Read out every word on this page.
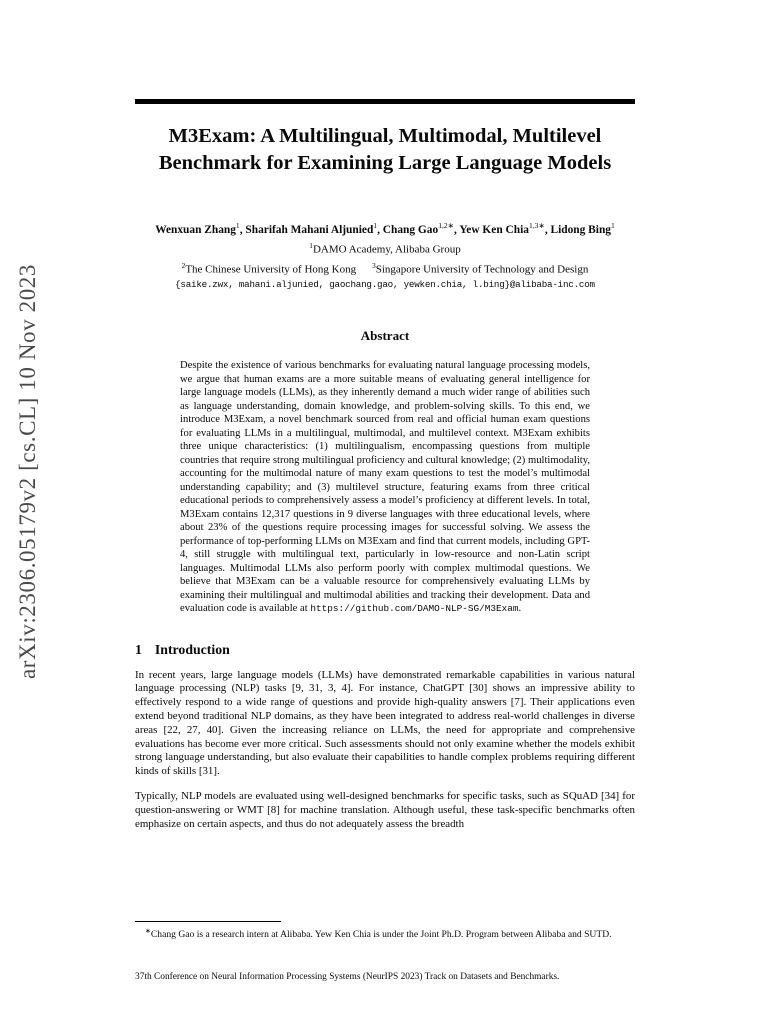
arXiv:2306.05179v2 [cs.CL] 10 Nov 2023
M3Exam: A Multilingual, Multimodal, Multilevel Benchmark for Examining Large Language Models
Wenxuan Zhang$^1$, Sharifah Mahani Aljunied$^1$, Chang Gao$^{1,2∗}$, Yew Ken Chia$^{1,3∗}$, Lidong Bing$^1$
$^1$DAMO Academy, Alibaba Group
$^2$The Chinese University of Hong Kong $^3$Singapore University of Technology and Design
{saike.zwx, mahani.aljunied, gaochang.gao, yewken.chia, l.bing}@alibaba-inc.com
Abstract

Despite the existence of various benchmarks for evaluating natural language processing models, we argue that human exams are a more suitable means of evaluating general intelligence for large language models (LLMs), as they inherently demand a much wider range of abilities such as language understanding, domain knowledge, and problem-solving skills. To this end, we introduce M3Exam, a novel benchmark sourced from real and official human exam questions for evaluating LLMs in a multilingual, multimodal, and multilevel context. M3Exam exhibits three unique characteristics: (1) multilingualism, encompassing questions from multiple countries that require strong multilingual proficiency and cultural knowledge; (2) multimodality, accounting for the multimodal nature of many exam questions to test the model’s multimodal understanding capability; and (3) multilevel structure, featuring exams from three critical educational periods to comprehensively assess a model’s proficiency at different levels. In total, M3Exam contains 12,317 questions in 9 diverse languages with three educational levels, where about 23% of the questions require processing images for successful solving. We assess the performance of top-performing LLMs on M3Exam and find that current models, including GPT-4, still struggle with multilingual text, particularly in low-resource and non-Latin script languages. Multimodal LLMs also perform poorly with complex multimodal questions. We believe that M3Exam can be a valuable resource for comprehensively evaluating LLMs by examining their multilingual and multimodal abilities and tracking their development. Data and evaluation code is available at https://github.com/DAMO-NLP-SG/M3Exam.

1 Introduction

In recent years, large language models (LLMs) have demonstrated remarkable capabilities in various natural language processing (NLP) tasks [9, 31, 3, 4]. For instance, ChatGPT [30] shows an impressive ability to effectively respond to a wide range of questions and provide high-quality answers [7]. Their applications even extend beyond traditional NLP domains, as they have been integrated to address real-world challenges in diverse areas [22, 27, 40]. Given the increasing reliance on LLMs, the need for appropriate and comprehensive evaluations has become ever more critical. Such assessments should not only examine whether the models exhibit strong language understanding, but also evaluate their capabilities to handle complex problems requiring different kinds of skills [31].

Typically, NLP models are evaluated using well-designed benchmarks for specific tasks, such as SQuAD [34] for question-answering or WMT [8] for machine translation. Although useful, these task-specific benchmarks often emphasize on certain aspects, and thus do not adequately assess the breadth

∗Chang Gao is a research intern at Alibaba. Yew Ken Chia is under the Joint Ph.D. Program between Alibaba and SUTD.

37th Conference on Neural Information Processing Systems (NeurIPS 2023) Track on Datasets and Benchmarks.
